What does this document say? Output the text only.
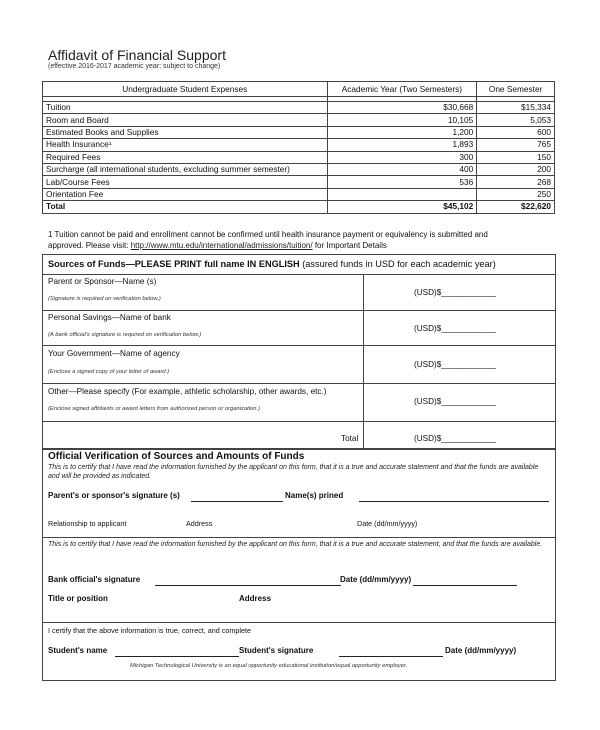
Affidavit of Financial Support
(effective 2016-2017 academic year; subject to change)
Undergraduate Student Expenses	Academic Year (Two Semesters)	One Semester

Tuition	$30,668	$15,334
Room and Board	10,105	5,053
Estimated Books and Supplies	1,200	600
Health Insurance¹	1,893	765
Required Fees	300	150
Surcharge (all international students, excluding summer semester)	400	200
Lab/Course Fees	536	268
Orientation Fee		250
Total	$45,102	$22,620
1 Tuition cannot be paid and enrollment cannot be confirmed until health insurance payment or equivalency is submitted and
approved. Please visit: http://www.mtu.edu/international/admissions/tuition/ for Important Details
Sources of Funds—PLEASE PRINT full name IN ENGLISH (assured funds in USD for each academic year)
Parent or Sponsor—Name (s)
(Signature is required on verification below.)
(USD)$____________
Personal Savings—Name of bank
(A bank official's signature is required on verification below.)
(USD)$____________
Your Government—Name of agency
(Enclose a signed copy of your letter of award.)
(USD)$____________
Other—Please specify (For example, athletic scholarship, other awards, etc.)
(Enclose signed affidavits or award letters from authorized person or organization.)
(USD)$____________
Total	(USD)$____________
Official Verification of Sources and Amounts of Funds
This is to certify that I have read the information furnished by the applicant on this form, that it is a true and accurate statement and that the funds are available and will be provided as indicated.
Parent's or sponsor's signature (s)	Name(s) prined
Relationship to applicant	Address	Date (dd/mm/yyyy)
This is to certify that I have read the information furnished by the applicant on this form, that it is a true and accurate statement, and that the funds are available.
Bank official's signature	Date (dd/mm/yyyy)
Title or position	Address
I certify that the above information is true, correct, and complete
Student's name	Student's signature	Date (dd/mm/yyyy)
Michigan Technological University is an equal opportunity educational institution/equal opportunity employer.
